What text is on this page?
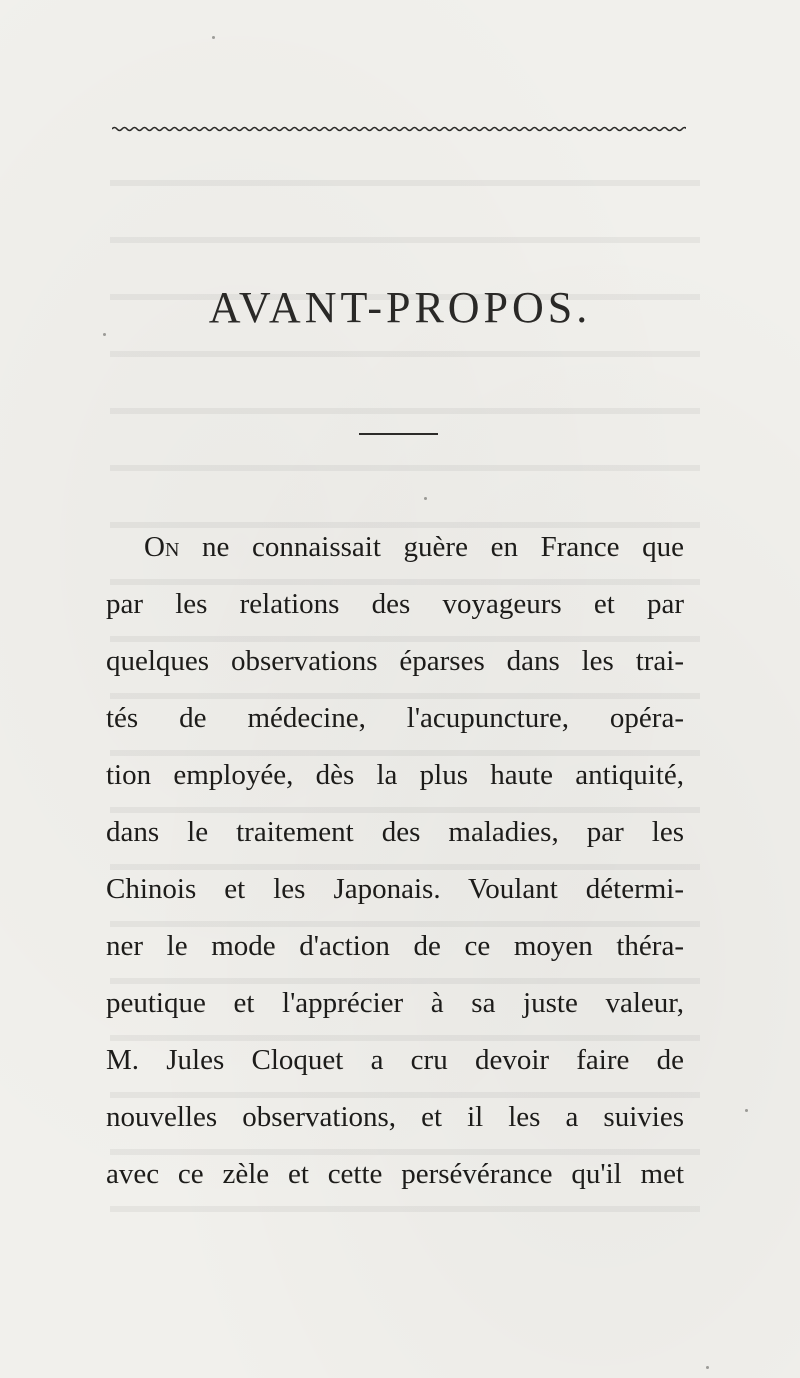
AVANT-PROPOS.
On ne connaissait guère en France que
par les relations des voyageurs et par
quelques observations éparses dans les trai-
tés de médecine, l'acupuncture, opéra-
tion employée, dès la plus haute antiquité,
dans le traitement des maladies, par les
Chinois et les Japonais. Voulant détermi-
ner le mode d'action de ce moyen théra-
peutique et l'apprécier à sa juste valeur,
M. Jules Cloquet a cru devoir faire de
nouvelles observations, et il les a suivies
avec ce zèle et cette persévérance qu'il met
